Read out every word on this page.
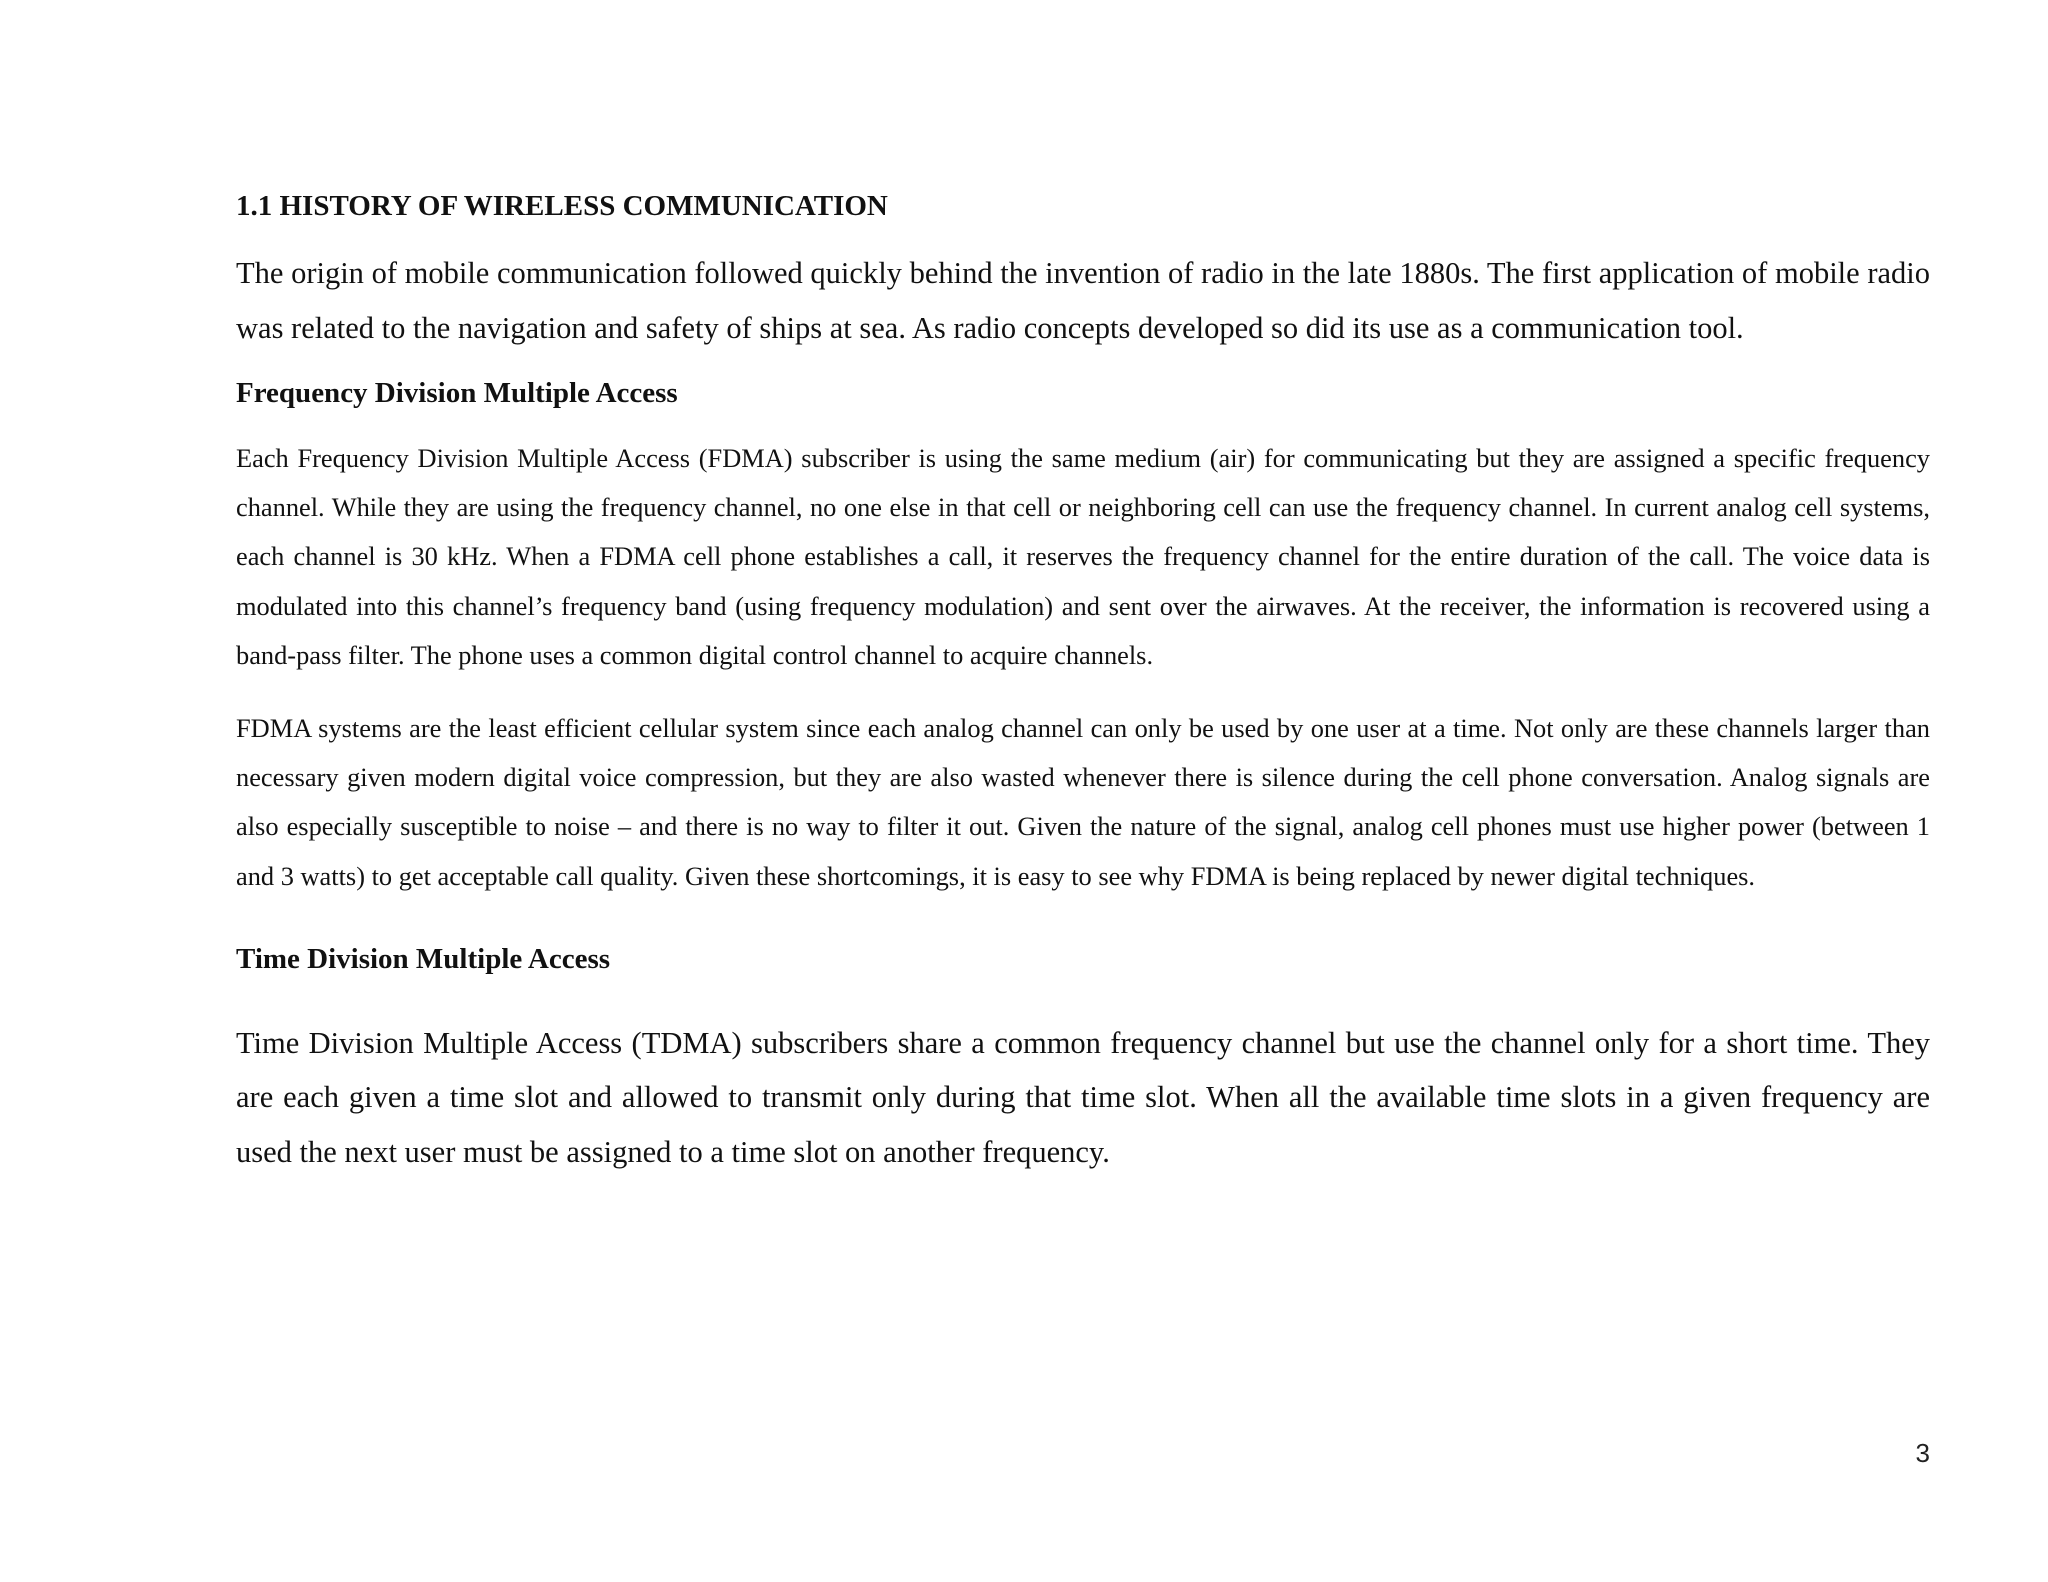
1.1 HISTORY OF WIRELESS COMMUNICATION

The origin of mobile communication followed quickly behind the invention of radio in the late 1880s. The first application of mobile radio was related to the navigation and safety of ships at sea. As radio concepts developed so did its use as a communication tool.

Frequency Division Multiple Access

Each Frequency Division Multiple Access (FDMA) subscriber is using the same medium (air) for communicating but they are assigned a specific frequency channel. While they are using the frequency channel, no one else in that cell or neighboring cell can use the frequency channel. In current analog cell systems, each channel is 30 kHz. When a FDMA cell phone establishes a call, it reserves the frequency channel for the entire duration of the call. The voice data is modulated into this channel’s frequency band (using frequency modulation) and sent over the airwaves. At the receiver, the information is recovered using a band-pass filter. The phone uses a common digital control channel to acquire channels.

FDMA systems are the least efficient cellular system since each analog channel can only be used by one user at a time. Not only are these channels larger than necessary given modern digital voice compression, but they are also wasted whenever there is silence during the cell phone conversation. Analog signals are also especially susceptible to noise – and there is no way to filter it out. Given the nature of the signal, analog cell phones must use higher power (between 1 and 3 watts) to get acceptable call quality. Given these shortcomings, it is easy to see why FDMA is being replaced by newer digital techniques.

Time Division Multiple Access

Time Division Multiple Access (TDMA) subscribers share a common frequency channel but use the channel only for a short time. They are each given a time slot and allowed to transmit only during that time slot. When all the available time slots in a given frequency are used the next user must be assigned to a time slot on another frequency.

3
